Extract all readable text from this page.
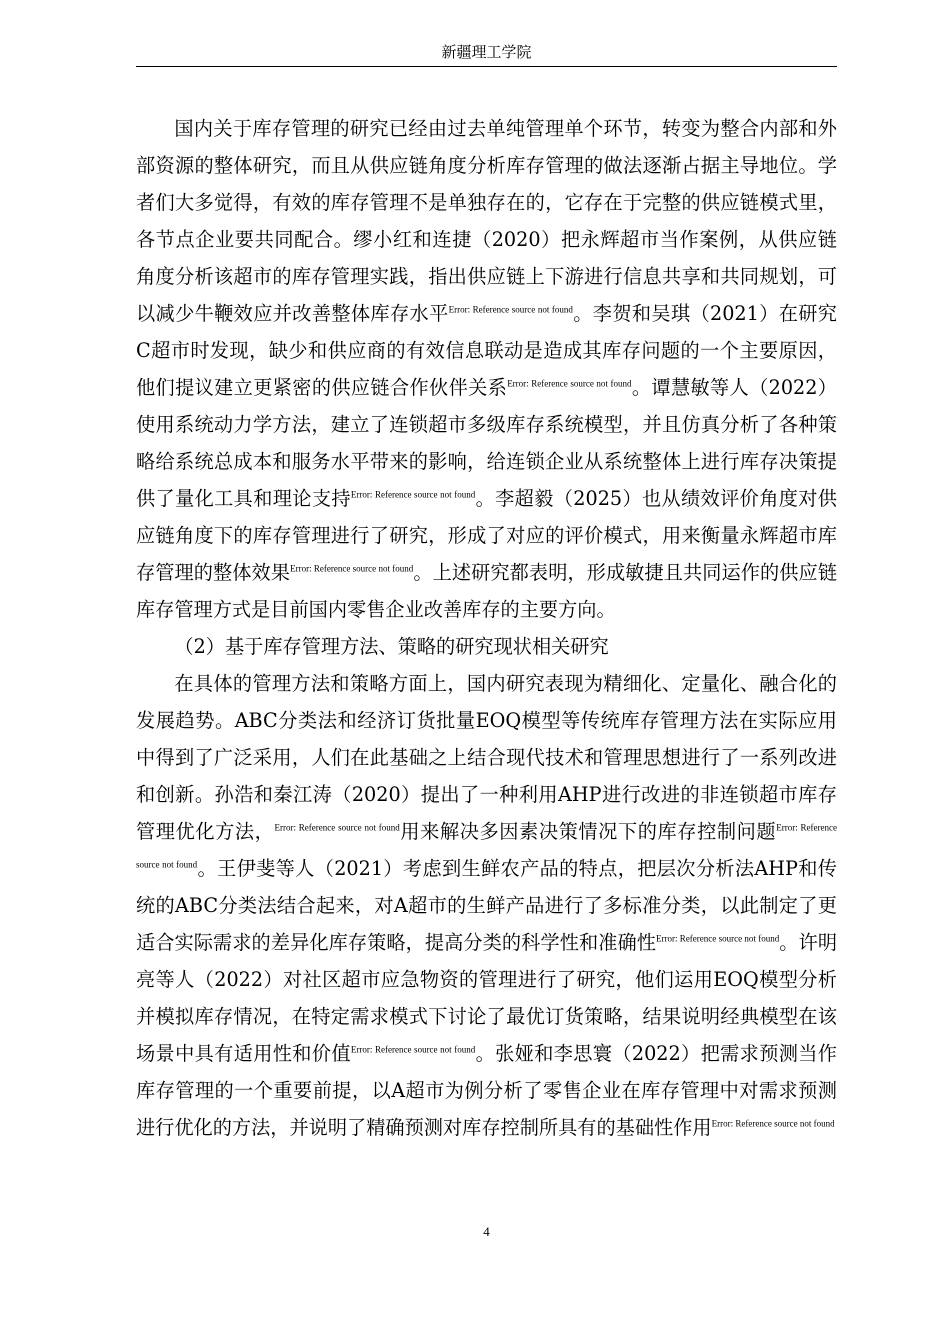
新疆理工学院

国内关于库存管理的研究已经由过去单纯管理单个环节，转变为整合内部和外部资源的整体研究，而且从供应链角度分析库存管理的做法逐渐占据主导地位。学者们大多觉得，有效的库存管理不是单独存在的，它存在于完整的供应链模式里，各节点企业要共同配合。缪小红和连捷（2020）把永辉超市当作案例，从供应链角度分析该超市的库存管理实践，指出供应链上下游进行信息共享和共同规划，可以减少牛鞭效应并改善整体库存水平$^{Error: Reference source not found}$。李贺和吴琪（2021）在研究C超市时发现，缺少和供应商的有效信息联动是造成其库存问题的一个主要原因，他们提议建立更紧密的供应链合作伙伴关系$^{Error: Reference source not found}$。谭慧敏等人（2022）使用系统动力学方法，建立了连锁超市多级库存系统模型，并且仿真分析了各种策略给系统总成本和服务水平带来的影响，给连锁企业从系统整体上进行库存决策提供了量化工具和理论支持$^{Error: Reference source not found}$。李超毅（2025）也从绩效评价角度对供应链角度下的库存管理进行了研究，形成了对应的评价模式，用来衡量永辉超市库存管理的整体效果$^{Error: Reference source not found}$。上述研究都表明，形成敏捷且共同运作的供应链库存管理方式是目前国内零售企业改善库存的主要方向。

（2）基于库存管理方法、策略的研究现状相关研究

在具体的管理方法和策略方面上，国内研究表现为精细化、定量化、融合化的发展趋势。ABC分类法和经济订货批量EOQ模型等传统库存管理方法在实际应用中得到了广泛采用，人们在此基础之上结合现代技术和管理思想进行了一系列改进和创新。孙浩和秦江涛（2020）提出了一种利用AHP进行改进的非连锁超市库存管理优化方法，$^{Error: Reference source not found}$用来解决多因素决策情况下的库存控制问题$^{Error: Reference source not found}$。王伊斐等人（2021）考虑到生鲜农产品的特点，把层次分析法AHP和传统的ABC分类法结合起来，对A超市的生鲜产品进行了多标准分类，以此制定了更适合实际需求的差异化库存策略，提高分类的科学性和准确性$^{Error: Reference source not found}$。许明亮等人（2022）对社区超市应急物资的管理进行了研究，他们运用EOQ模型分析并模拟库存情况，在特定需求模式下讨论了最优订货策略，结果说明经典模型在该场景中具有适用性和价值$^{Error: Reference source not found}$。张娅和李思寰（2022）把需求预测当作库存管理的一个重要前提，以A超市为例分析了零售企业在库存管理中对需求预测进行优化的方法，并说明了精确预测对库存控制所具有的基础性作用$^{Error: Reference source not found}$

4
